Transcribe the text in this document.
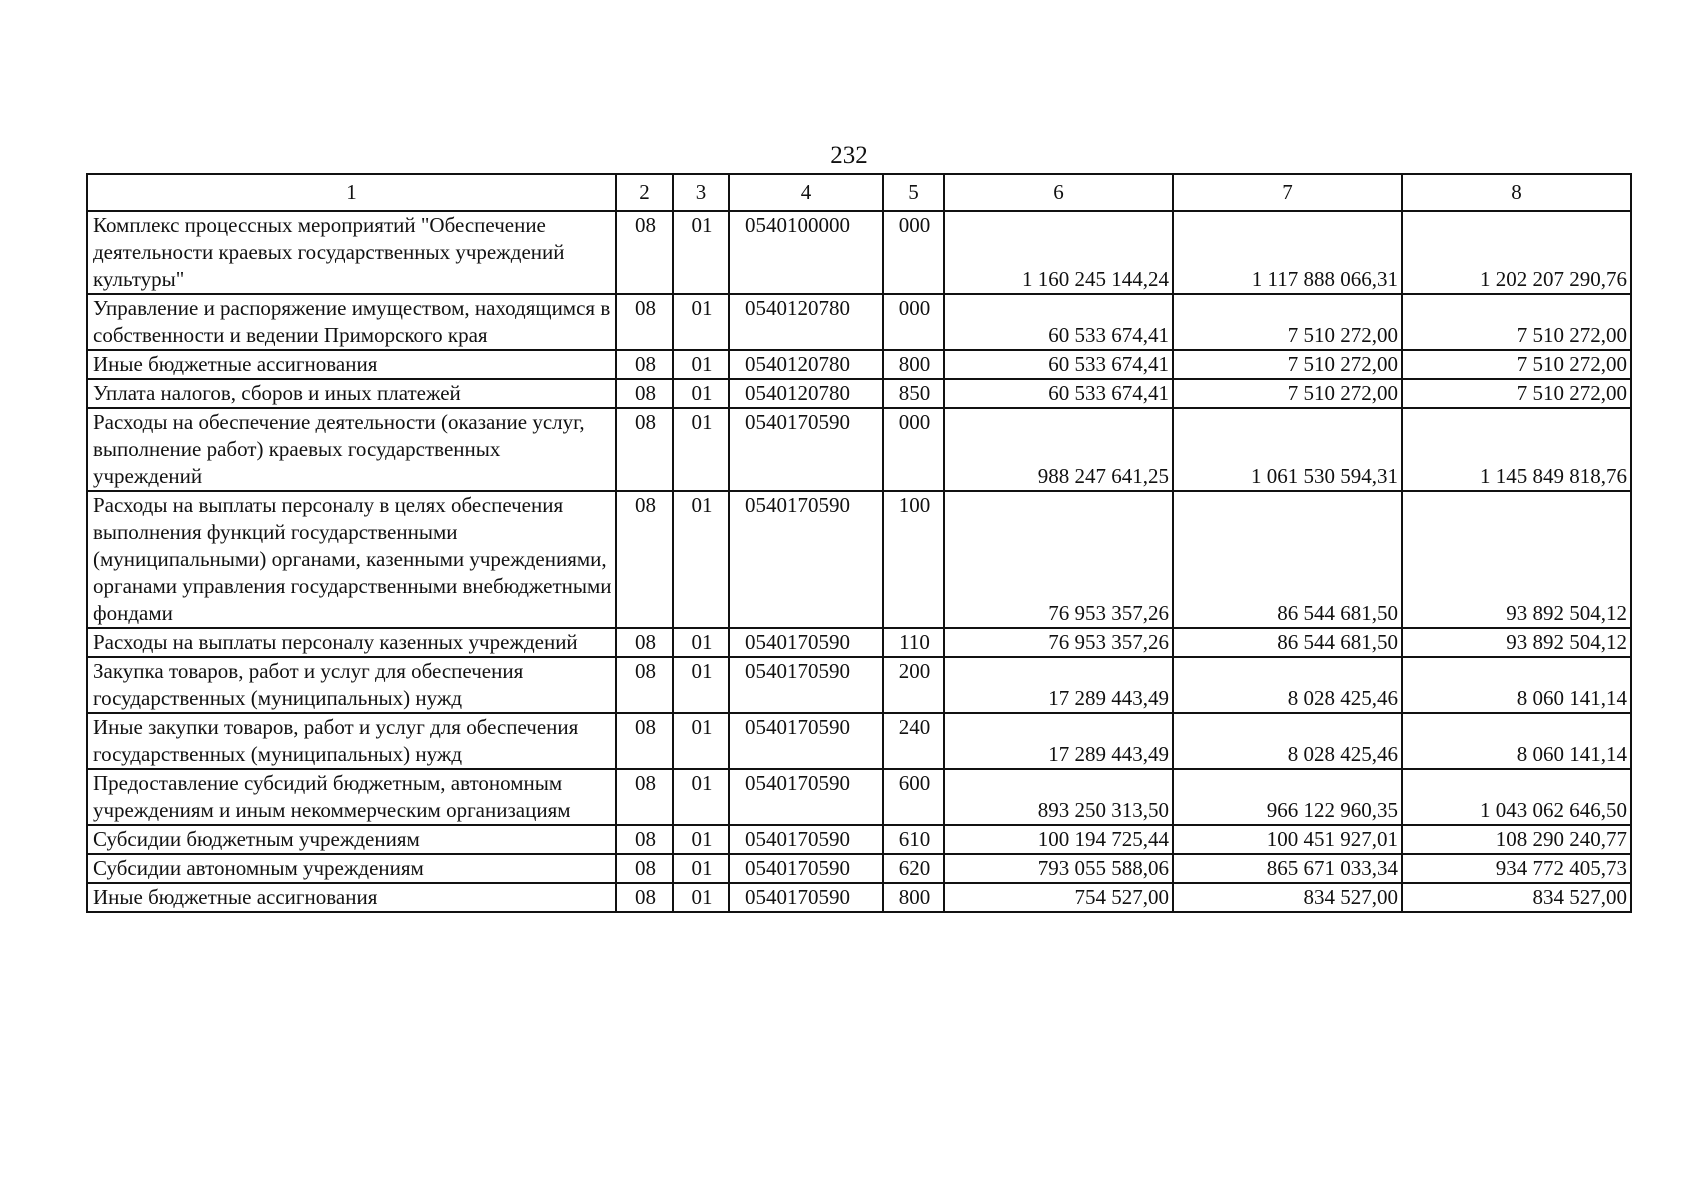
232
1	2	3	4	5	6	7	8
Комплекс процессных мероприятий "Обеспечение деятельности краевых государственных учреждений культуры"	08	01	0540100000	000	1 160 245 144,24	1 117 888 066,31	1 202 207 290,76
Управление и распоряжение имуществом, находящимся в собственности и ведении Приморского края	08	01	0540120780	000	60 533 674,41	7 510 272,00	7 510 272,00
Иные бюджетные ассигнования	08	01	0540120780	800	60 533 674,41	7 510 272,00	7 510 272,00
Уплата налогов, сборов и иных платежей	08	01	0540120780	850	60 533 674,41	7 510 272,00	7 510 272,00
Расходы на обеспечение деятельности (оказание услуг, выполнение работ) краевых государственных учреждений	08	01	0540170590	000	988 247 641,25	1 061 530 594,31	1 145 849 818,76
Расходы на выплаты персоналу в целях обеспечения выполнения функций государственными (муниципальными) органами, казенными учреждениями, органами управления государственными внебюджетными фондами	08	01	0540170590	100	76 953 357,26	86 544 681,50	93 892 504,12
Расходы на выплаты персоналу казенных учреждений	08	01	0540170590	110	76 953 357,26	86 544 681,50	93 892 504,12
Закупка товаров, работ и услуг для обеспечения государственных (муниципальных) нужд	08	01	0540170590	200	17 289 443,49	8 028 425,46	8 060 141,14
Иные закупки товаров, работ и услуг для обеспечения государственных (муниципальных) нужд	08	01	0540170590	240	17 289 443,49	8 028 425,46	8 060 141,14
Предоставление субсидий бюджетным, автономным учреждениям и иным некоммерческим организациям	08	01	0540170590	600	893 250 313,50	966 122 960,35	1 043 062 646,50
Субсидии бюджетным учреждениям	08	01	0540170590	610	100 194 725,44	100 451 927,01	108 290 240,77
Субсидии автономным учреждениям	08	01	0540170590	620	793 055 588,06	865 671 033,34	934 772 405,73
Иные бюджетные ассигнования	08	01	0540170590	800	754 527,00	834 527,00	834 527,00
